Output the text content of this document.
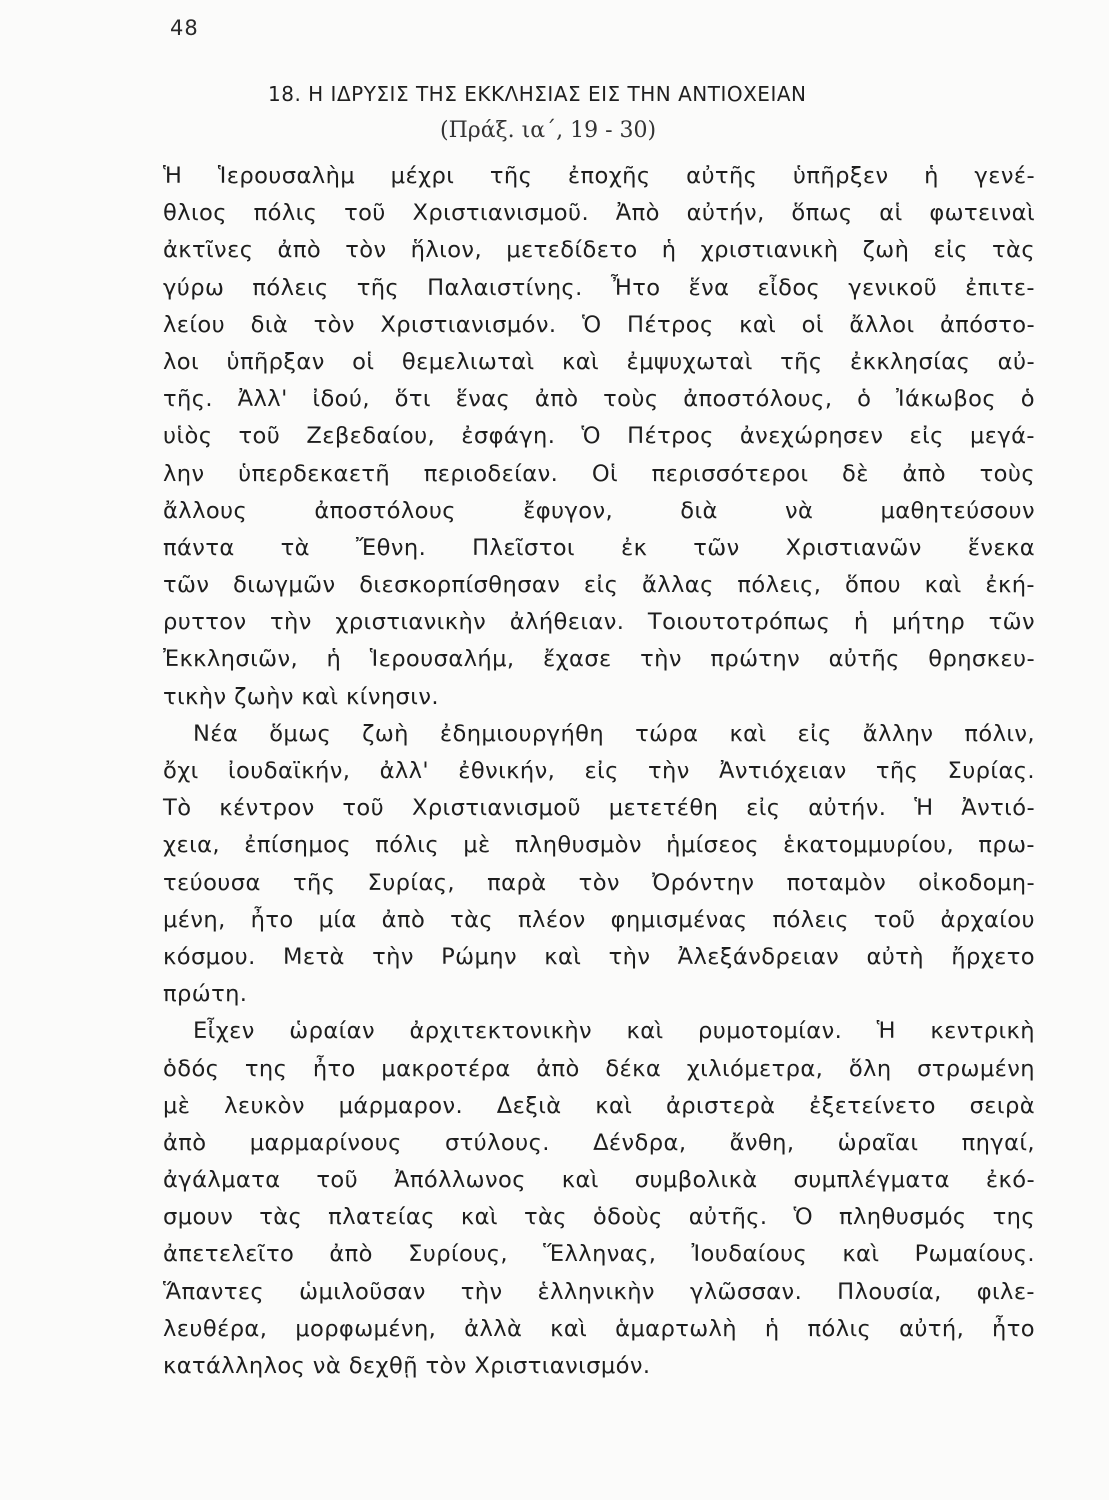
48
18. Η ΙΔΡΥΣΙΣ ΤΗΣ ΕΚΚΛΗΣΙΑΣ ΕΙΣ ΤΗΝ ΑΝΤΙΟΧΕΙΑΝ
(Πράξ. ια΄, 19 - 30)
Ἡ Ἱερουσαλὴμ μέχρι τῆς ἐποχῆς αὐτῆς ὑπῆρξεν ἡ γενέ-
θλιος πόλις τοῦ Χριστιανισμοῦ. Ἀπὸ αὐτήν, ὅπως αἱ φωτειναὶ
ἀκτῖνες ἀπὸ τὸν ἥλιον, μετεδίδετο ἡ χριστιανικὴ ζωὴ εἰς τὰς
γύρω πόλεις τῆς Παλαιστίνης. Ἦτο ἕνα εἶδος γενικοῦ ἐπιτε-
λείου διὰ τὸν Χριστιανισμόν. Ὁ Πέτρος καὶ οἱ ἄλλοι ἀπόστο-
λοι ὑπῆρξαν οἱ θεμελιωταὶ καὶ ἐμψυχωταὶ τῆς ἐκκλησίας αὐ-
τῆς. Ἀλλ' ἰδού, ὅτι ἕνας ἀπὸ τοὺς ἀποστόλους, ὁ Ἰάκωβος ὁ
υἱὸς τοῦ Ζεβεδαίου, ἐσφάγη. Ὁ Πέτρος ἀνεχώρησεν εἰς μεγά-
λην ὑπερδεκαετῆ περιοδείαν. Οἱ περισσότεροι δὲ ἀπὸ τοὺς
ἄλλους ἀποστόλους ἔφυγον, διὰ νὰ μαθητεύσουν
πάντα τὰ Ἔθνη. Πλεῖστοι ἐκ τῶν Χριστιανῶν ἕνεκα
τῶν διωγμῶν διεσκορπίσθησαν εἰς ἄλλας πόλεις, ὅπου καὶ ἐκή-
ρυττον τὴν χριστιανικὴν ἀλήθειαν. Τοιουτοτρόπως ἡ μήτηρ τῶν
Ἐκκλησιῶν, ἡ Ἱερουσαλήμ, ἔχασε τὴν πρώτην αὐτῆς θρησκευ-
τικὴν ζωὴν καὶ κίνησιν.
Νέα ὅμως ζωὴ ἐδημιουργήθη τώρα καὶ εἰς ἄλλην πόλιν,
ὄχι ἰουδαϊκήν, ἀλλ' ἐθνικήν, εἰς τὴν Ἀντιόχειαν τῆς Συρίας.
Τὸ κέντρον τοῦ Χριστιανισμοῦ μετετέθη εἰς αὐτήν. Ἡ Ἀντιό-
χεια, ἐπίσημος πόλις μὲ πληθυσμὸν ἡμίσεος ἑκατομμυρίου, πρω-
τεύουσα τῆς Συρίας, παρὰ τὸν Ὀρόντην ποταμὸν οἰκοδομη-
μένη, ἦτο μία ἀπὸ τὰς πλέον φημισμένας πόλεις τοῦ ἀρχαίου
κόσμου. Μετὰ τὴν Ρώμην καὶ τὴν Ἀλεξάνδρειαν αὐτὴ ἤρχετο
πρώτη.
Εἶχεν ὡραίαν ἀρχιτεκτονικὴν καὶ ρυμοτομίαν. Ἡ κεντρικὴ
ὁδός της ἦτο μακροτέρα ἀπὸ δέκα χιλιόμετρα, ὅλη στρωμένη
μὲ λευκὸν μάρμαρον. Δεξιὰ καὶ ἀριστερὰ ἐξετείνετο σειρὰ
ἀπὸ μαρμαρίνους στύλους. Δένδρα, ἄνθη, ὡραῖαι πηγαί,
ἀγάλματα τοῦ Ἀπόλλωνος καὶ συμβολικὰ συμπλέγματα ἐκό-
σμουν τὰς πλατείας καὶ τὰς ὁδοὺς αὐτῆς. Ὁ πληθυσμός της
ἀπετελεῖτο ἀπὸ Συρίους, Ἕλληνας, Ἰουδαίους καὶ Ρωμαίους.
Ἅπαντες ὡμιλοῦσαν τὴν ἑλληνικὴν γλῶσσαν. Πλουσία, φιλε-
λευθέρα, μορφωμένη, ἀλλὰ καὶ ἁμαρτωλὴ ἡ πόλις αὐτή, ἦτο
κατάλληλος νὰ δεχθῇ τὸν Χριστιανισμόν.
